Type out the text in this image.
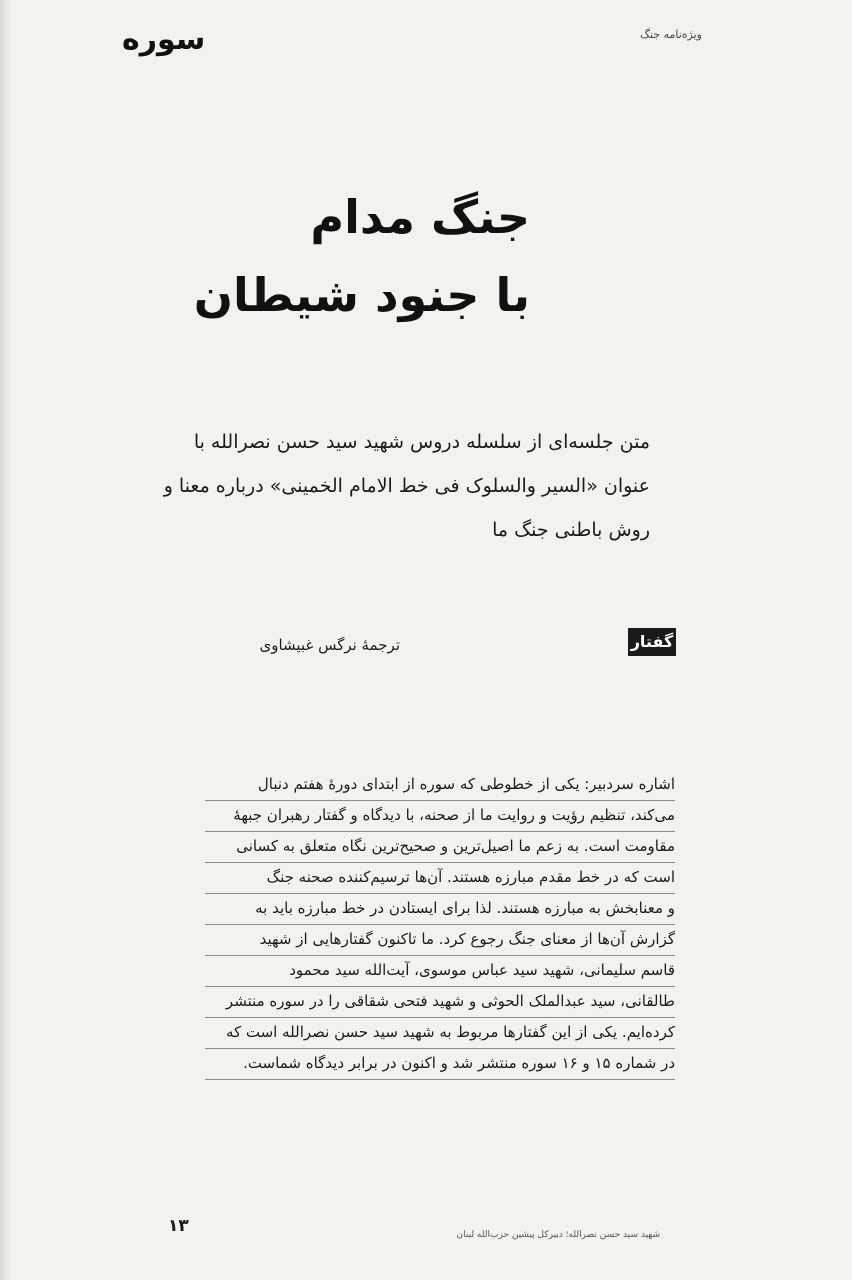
ویژه‌نامه جنگ
سوره
جنگ مدام
با جنود شیطان
متن جلسه‌ای از سلسله دروس شهید سید حسن نصرالله با
عنوان «السیر والسلوک فی خط الامام الخمینی» درباره معنا و
روش باطنی جنگ ما
ترجمهٔ نرگس غبیشاوی	گفتار
اشاره سردبیر: یکی از خطوطی که سوره از ابتدای دورهٔ هفتم دنبال
می‌کند، تنظیم رؤیت و روایت ما از صحنه، با دیدگاه و گفتار رهبران جبههٔ
مقاومت است. به زعم ما اصیل‌ترین و صحیح‌ترین نگاه متعلق به کسانی
است که در خط مقدم مبارزه هستند. آن‌ها ترسیم‌کننده صحنه جنگ
و معنابخش به مبارزه هستند. لذا برای ایستادن در خط مبارزه باید به
گزارش آن‌ها از معنای جنگ رجوع کرد. ما تاکنون گفتارهایی از شهید
قاسم سلیمانی، شهید سید عباس موسوی، آیت‌الله سید محمود
طالقانی، سید عبدالملک الحوثی و شهید فتحی شقاقی را در سوره منتشر
کرده‌ایم. یکی از این گفتارها مربوط به شهید سید حسن نصرالله است که
در شماره ۱۵ و ۱۶ سوره منتشر شد و اکنون در برابر دیدگاه شماست.
۱۳	شهید سید حسن نصرالله؛ دبیرکل پیشین حزب‌الله لبنان
